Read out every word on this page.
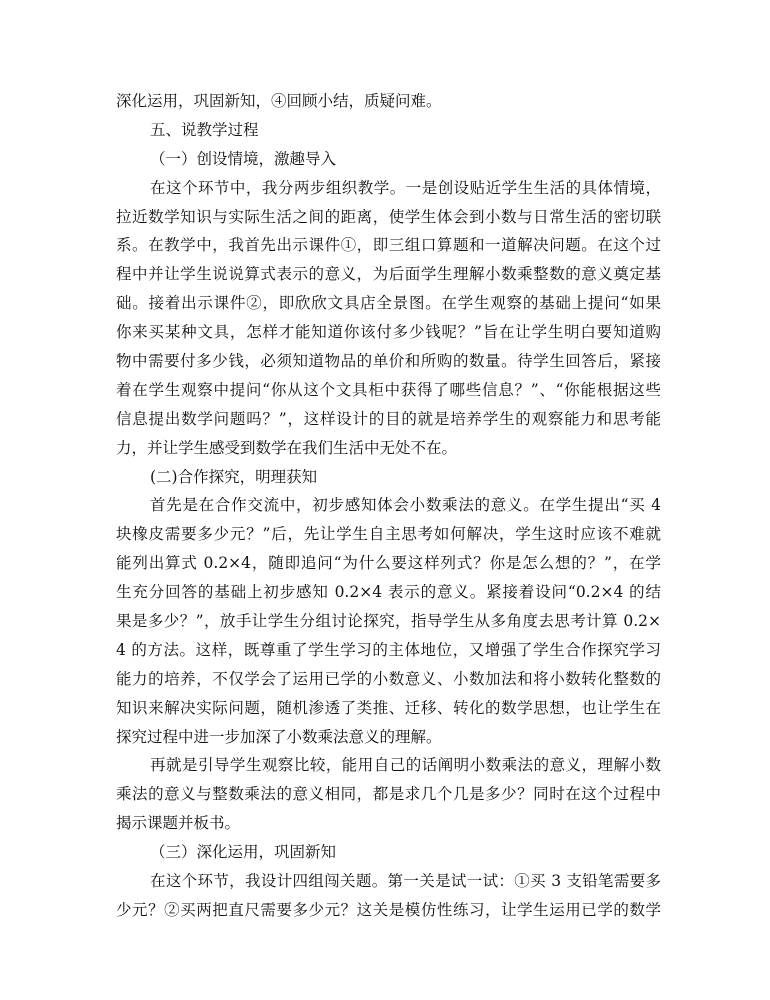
深化运用，巩固新知，④回顾小结，质疑问难。
五、说教学过程
（一）创设情境，激趣导入
在这个环节中，我分两步组织教学。一是创设贴近学生生活的具体情境，
拉近数学知识与实际生活之间的距离，使学生体会到小数与日常生活的密切联
系。在教学中，我首先出示课件①，即三组口算题和一道解决问题。在这个过
程中并让学生说说算式表示的意义，为后面学生理解小数乘整数的意义奠定基
础。接着出示课件②，即欣欣文具店全景图。在学生观察的基础上提问“如果
你来买某种文具，怎样才能知道你该付多少钱呢？”旨在让学生明白要知道购
物中需要付多少钱，必须知道物品的单价和所购的数量。待学生回答后，紧接
着在学生观察中提问“你从这个文具柜中获得了哪些信息？”、“你能根据这些
信息提出数学问题吗？”，这样设计的目的就是培养学生的观察能力和思考能
力，并让学生感受到数学在我们生活中无处不在。
(二)合作探究，明理获知
首先是在合作交流中，初步感知体会小数乘法的意义。在学生提出“买 4
块橡皮需要多少元？”后，先让学生自主思考如何解决，学生这时应该不难就
能列出算式 0.2×4，随即追问“为什么要这样列式？你是怎么想的？”，在学
生充分回答的基础上初步感知 0.2×4 表示的意义。紧接着设问“0.2×4 的结
果是多少？”，放手让学生分组讨论探究，指导学生从多角度去思考计算 0.2×
4 的方法。这样，既尊重了学生学习的主体地位，又增强了学生合作探究学习
能力的培养，不仅学会了运用已学的小数意义、小数加法和将小数转化整数的
知识来解决实际问题，随机渗透了类推、迁移、转化的数学思想，也让学生在
探究过程中进一步加深了小数乘法意义的理解。
再就是引导学生观察比较，能用自己的话阐明小数乘法的意义，理解小数
乘法的意义与整数乘法的意义相同，都是求几个几是多少？同时在这个过程中
揭示课题并板书。
（三）深化运用，巩固新知
在这个环节，我设计四组闯关题。第一关是试一试：①买 3 支铅笔需要多
少元？②买两把直尺需要多少元？这关是模仿性练习，让学生运用已学的数学
